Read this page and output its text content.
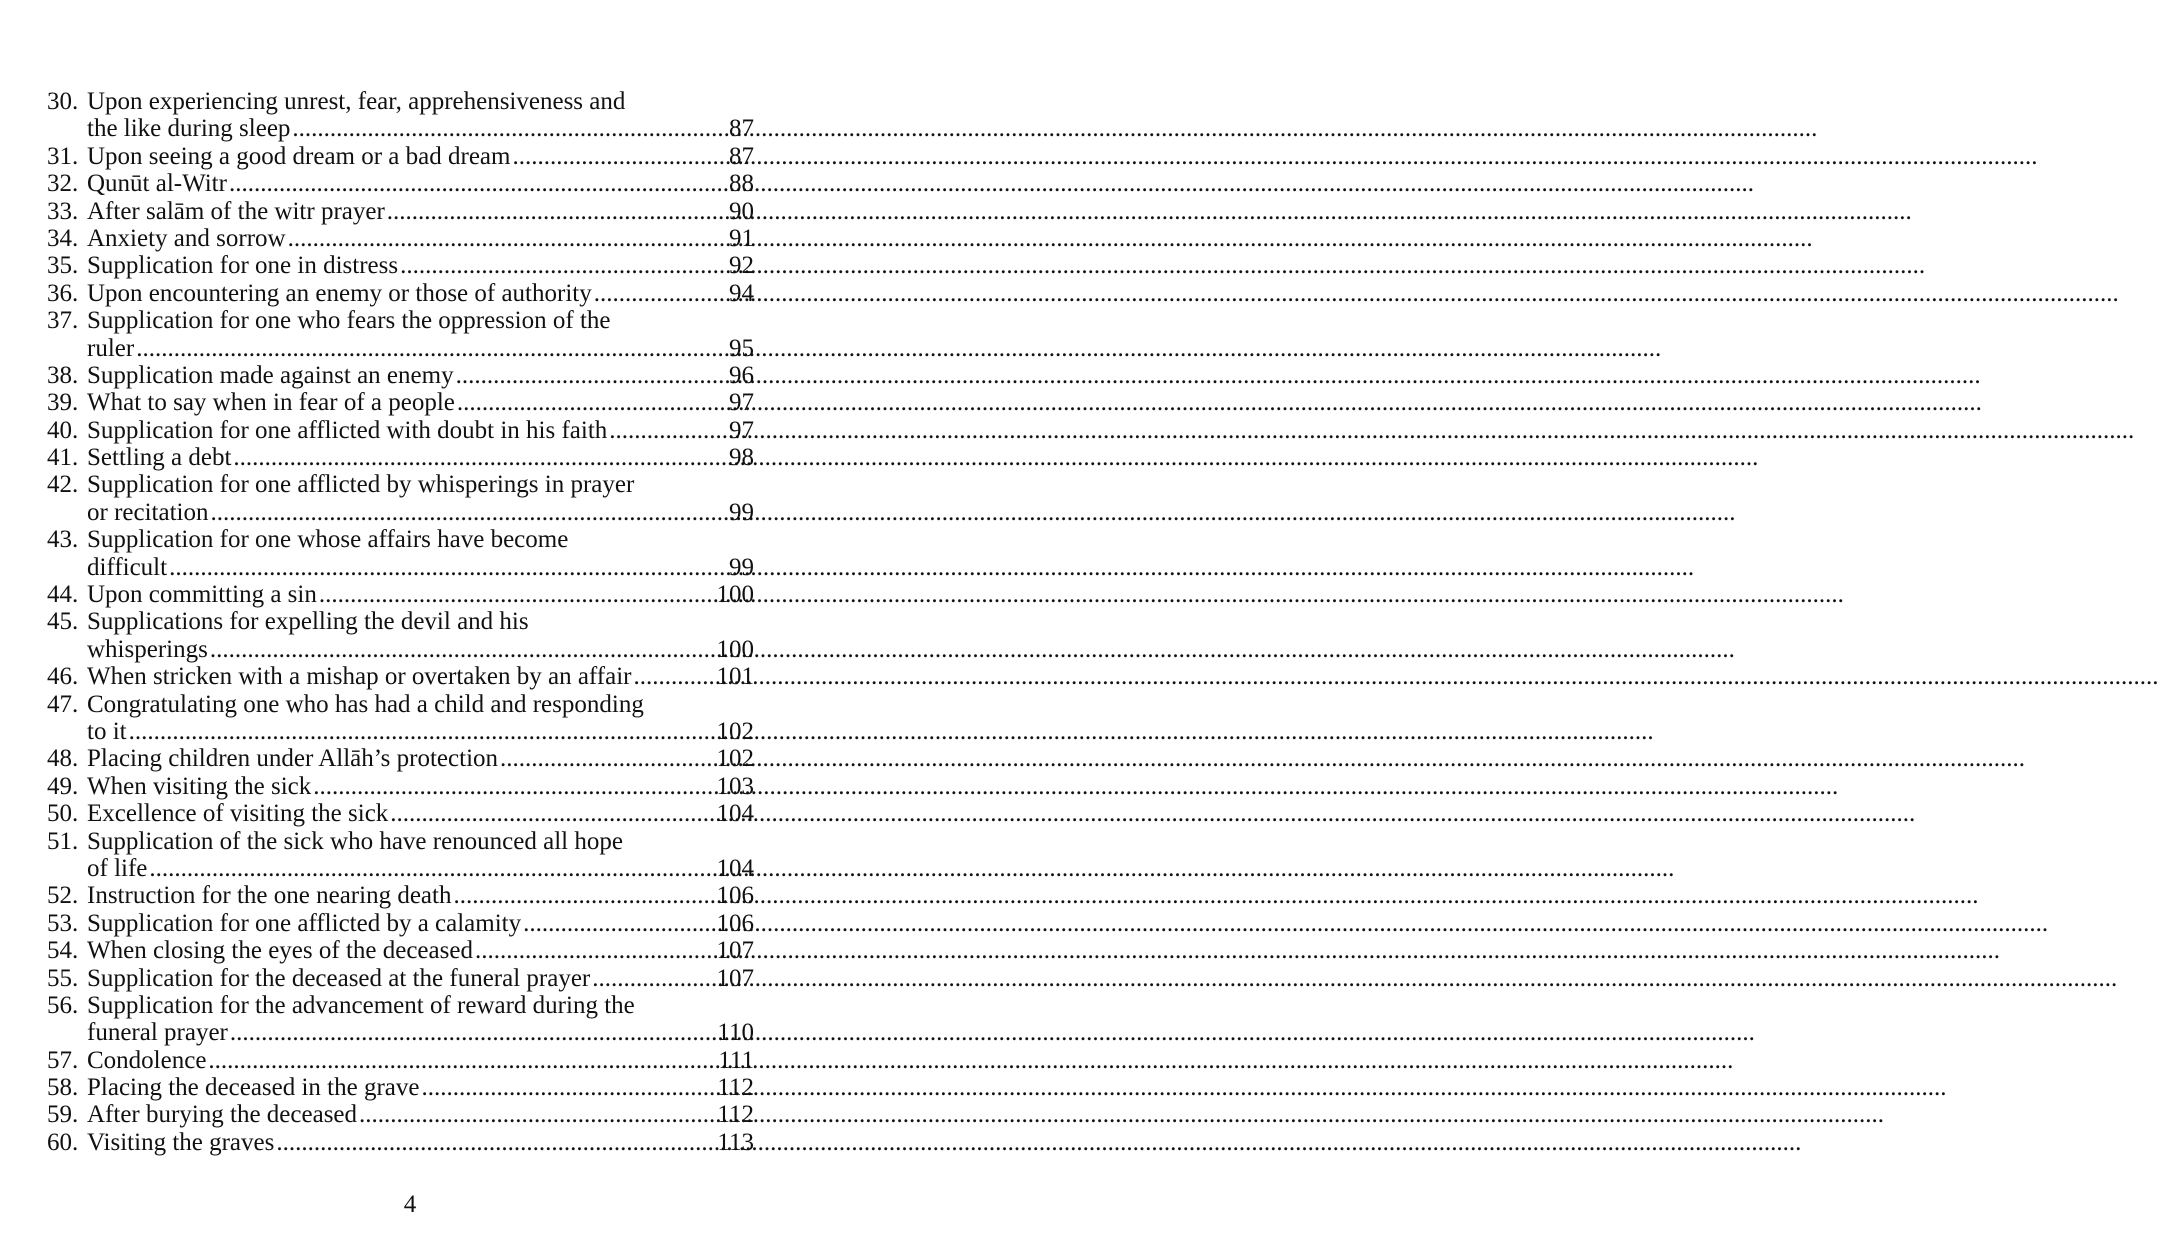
30. Upon experiencing unrest, fear, apprehensiveness and
the like during sleep .....	87
31. Upon seeing a good dream or a bad dream .....	87
32. Qunūt al-Witr .....	88
33. After salām of the witr prayer .....	90
34. Anxiety and sorrow .....	91
35. Supplication for one in distress .....	92
36. Upon encountering an enemy or those of authority .....	94
37. Supplication for one who fears the oppression of the
ruler .....	95
38. Supplication made against an enemy .....	96
39. What to say when in fear of a people .....	97
40. Supplication for one afflicted with doubt in his faith .....	97
41. Settling a debt .....	98
42. Supplication for one afflicted by whisperings in prayer
or recitation .....	99
43. Supplication for one whose affairs have become
difficult .....	99
44. Upon committing a sin .....	100
45. Supplications for expelling the devil and his
whisperings .....	100
46. When stricken with a mishap or overtaken by an affair .....	101
47. Congratulating one who has had a child and responding
to it .....	102
48. Placing children under Allāh’s protection .....	102
49. When visiting the sick .....	103
50. Excellence of visiting the sick .....	104
51. Supplication of the sick who have renounced all hope
of life .....	104
52. Instruction for the one nearing death .....	106
53. Supplication for one afflicted by a calamity .....	106
54. When closing the eyes of the deceased .....	107
55. Supplication for the deceased at the funeral prayer .....	107
56. Supplication for the advancement of reward during the
funeral prayer .....	110
57. Condolence .....	111
58. Placing the deceased in the grave .....	112
59. After burying the deceased .....	112
60. Visiting the graves .....	113
4
